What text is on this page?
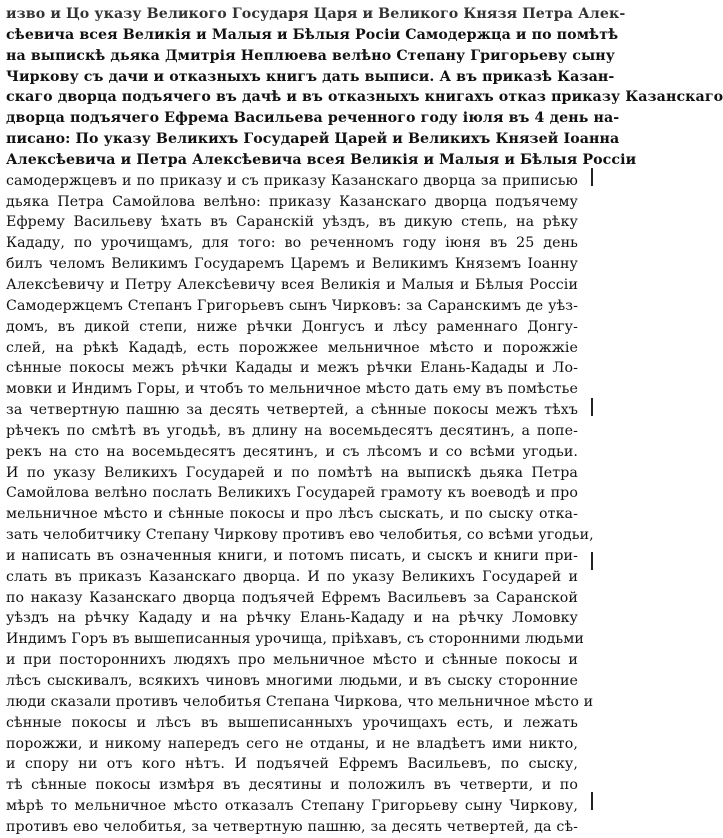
изво и Цо указу Великого Государя Царя и Великого Князя Петра Алек-
сѣевича всея Великія и Малыя и Бѣлыя Росіи Самодержца и по помѣтѣ
на выпискѣ дьяка Дмитрія Неплюева велѣно Степану Григорьеву сыну
Чиркову съ дачи и отказныхъ книгъ дать выписи. А въ приказѣ Казан-
скаго дворца подъячего въ дачѣ и въ отказныхъ книгахъ отказ приказу Казанскаго
дворца подъячего Ефрема Васильева реченного году іюля въ 4 день на-
писано: По указу Великихъ Государей Царей и Великихъ Князей Іоанна
Алексѣевича и Петра Алексѣевича всея Великія и Малыя и Бѣлыя Россіи
самодержцевъ и по приказу и съ приказу Казанскаго дворца за приписью
дьяка Петра Самойлова велѣно: приказу Казанскаго дворца подъячему
Ефрему Васильеву ѣхать въ Саранскій уѣздъ, въ дикую степь, на рѣку
Кададу, по урочищамъ, для того: во реченномъ году іюня въ 25 день
билъ челомъ Великимъ Государемъ Царемъ и Великимъ Княземъ Іоанну
Алексѣевичу и Петру Алексѣевичу всея Великія и Малыя и Бѣлыя Россіи
Самодержцемъ Степанъ Григорьевъ сынъ Чирковъ: за Саранскимъ де уѣз-
домъ, въ дикой степи, ниже рѣчки Донгусъ и лѣсу раменнаго Донгу-
слей, на рѣкѣ Кададѣ, есть порожжее мельничное мѣсто и порожжіе
сѣнные покосы межъ рѣчки Кадады и межъ рѣчки Елань-Кадады и Ло-
мовки и Индимъ Горы, и чтобъ то мельничное мѣсто дать ему въ помѣстье
за четвертную пашню за десять четвертей, а сѣнные покосы межъ тѣхъ
рѣчекъ по смѣтѣ въ угодьѣ, въ длину на восемьдесятъ десятинъ, а попе-
рекъ на сто на восемьдесятъ десятинъ, и съ лѣсомъ и со всѣми угодьи.
И по указу Великихъ Государей и по помѣтѣ на выпискѣ дьяка Петра
Самойлова велѣно послать Великихъ Государей грамоту къ воеводѣ и про
мельничное мѣсто и сѣнные покосы и про лѣсъ сыскать, и по сыску отка-
зать челобитчику Степану Чиркову противъ ево челобитья, со всѣми угодьи,
и написать въ означенныя книги, и потомъ писать, и сыскъ и книги при-
слать въ приказъ Казанскаго дворца. И по указу Великихъ Государей и
по наказу Казанскаго дворца подъячей Ефремъ Васильевъ за Саранской
уѣздъ на рѣчку Кададу и на рѣчку Елань-Кададу и на рѣчку Ломовку
Индимъ Горъ въ вышеписанныя урочища, пріѣхавъ, съ сторонними людьми
и при постороннихъ людяхъ про мельничное мѣсто и сѣнные покосы и
лѣсъ сыскивалъ, всякихъ чиновъ многими людьми, и въ сыску сторонние
люди сказали противъ челобитья Степана Чиркова, что мельничное мѣсто и
сѣнные покосы и лѣсъ въ вышеписанныхъ урочищахъ есть, и лежать
порожжи, и никому напередъ сего не отданы, и не владѣетъ ими никто,
и спору ни отъ кого нѣтъ. И подъячей Ефремъ Васильевъ, по сыску,
тѣ сѣнные покосы измѣря въ десятины и положилъ въ четверти, и по
мѣрѣ то мельничное мѣсто отказалъ Степану Григорьеву сыну Чиркову,
противъ ево челобитья, за четвертную пашню, за десять четвертей, да сѣ-
